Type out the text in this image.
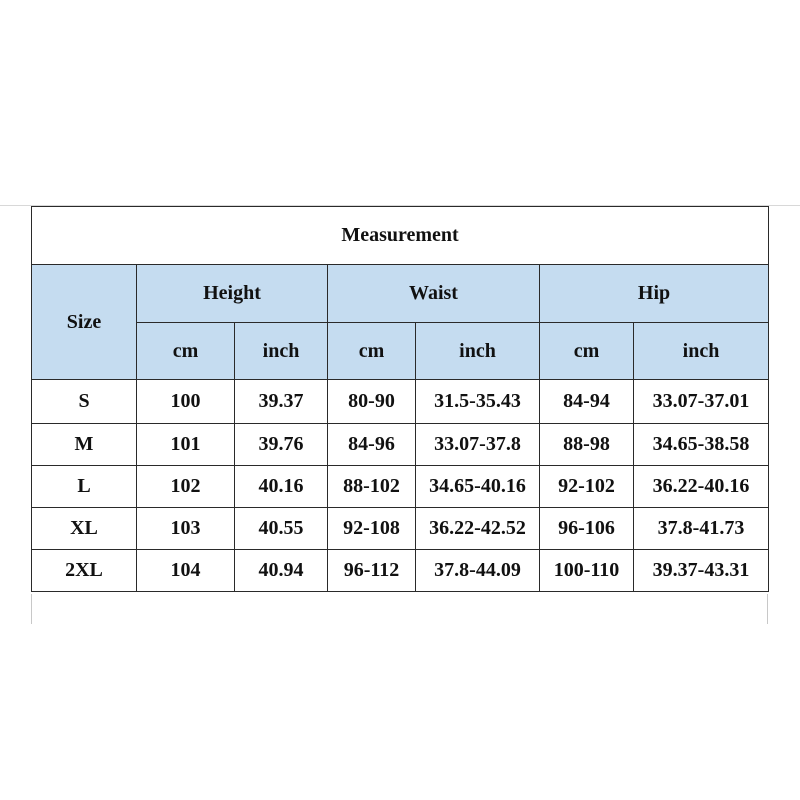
Measurement						
Size	Height		Waist		Hip	
	cm	inch	cm	inch	cm	inch
S	100	39.37	80-90	31.5-35.43	84-94	33.07-37.01
M	101	39.76	84-96	33.07-37.8	88-98	34.65-38.58
L	102	40.16	88-102	34.65-40.16	92-102	36.22-40.16
XL	103	40.55	92-108	36.22-42.52	96-106	37.8-41.73
2XL	104	40.94	96-112	37.8-44.09	100-110	39.37-43.31
